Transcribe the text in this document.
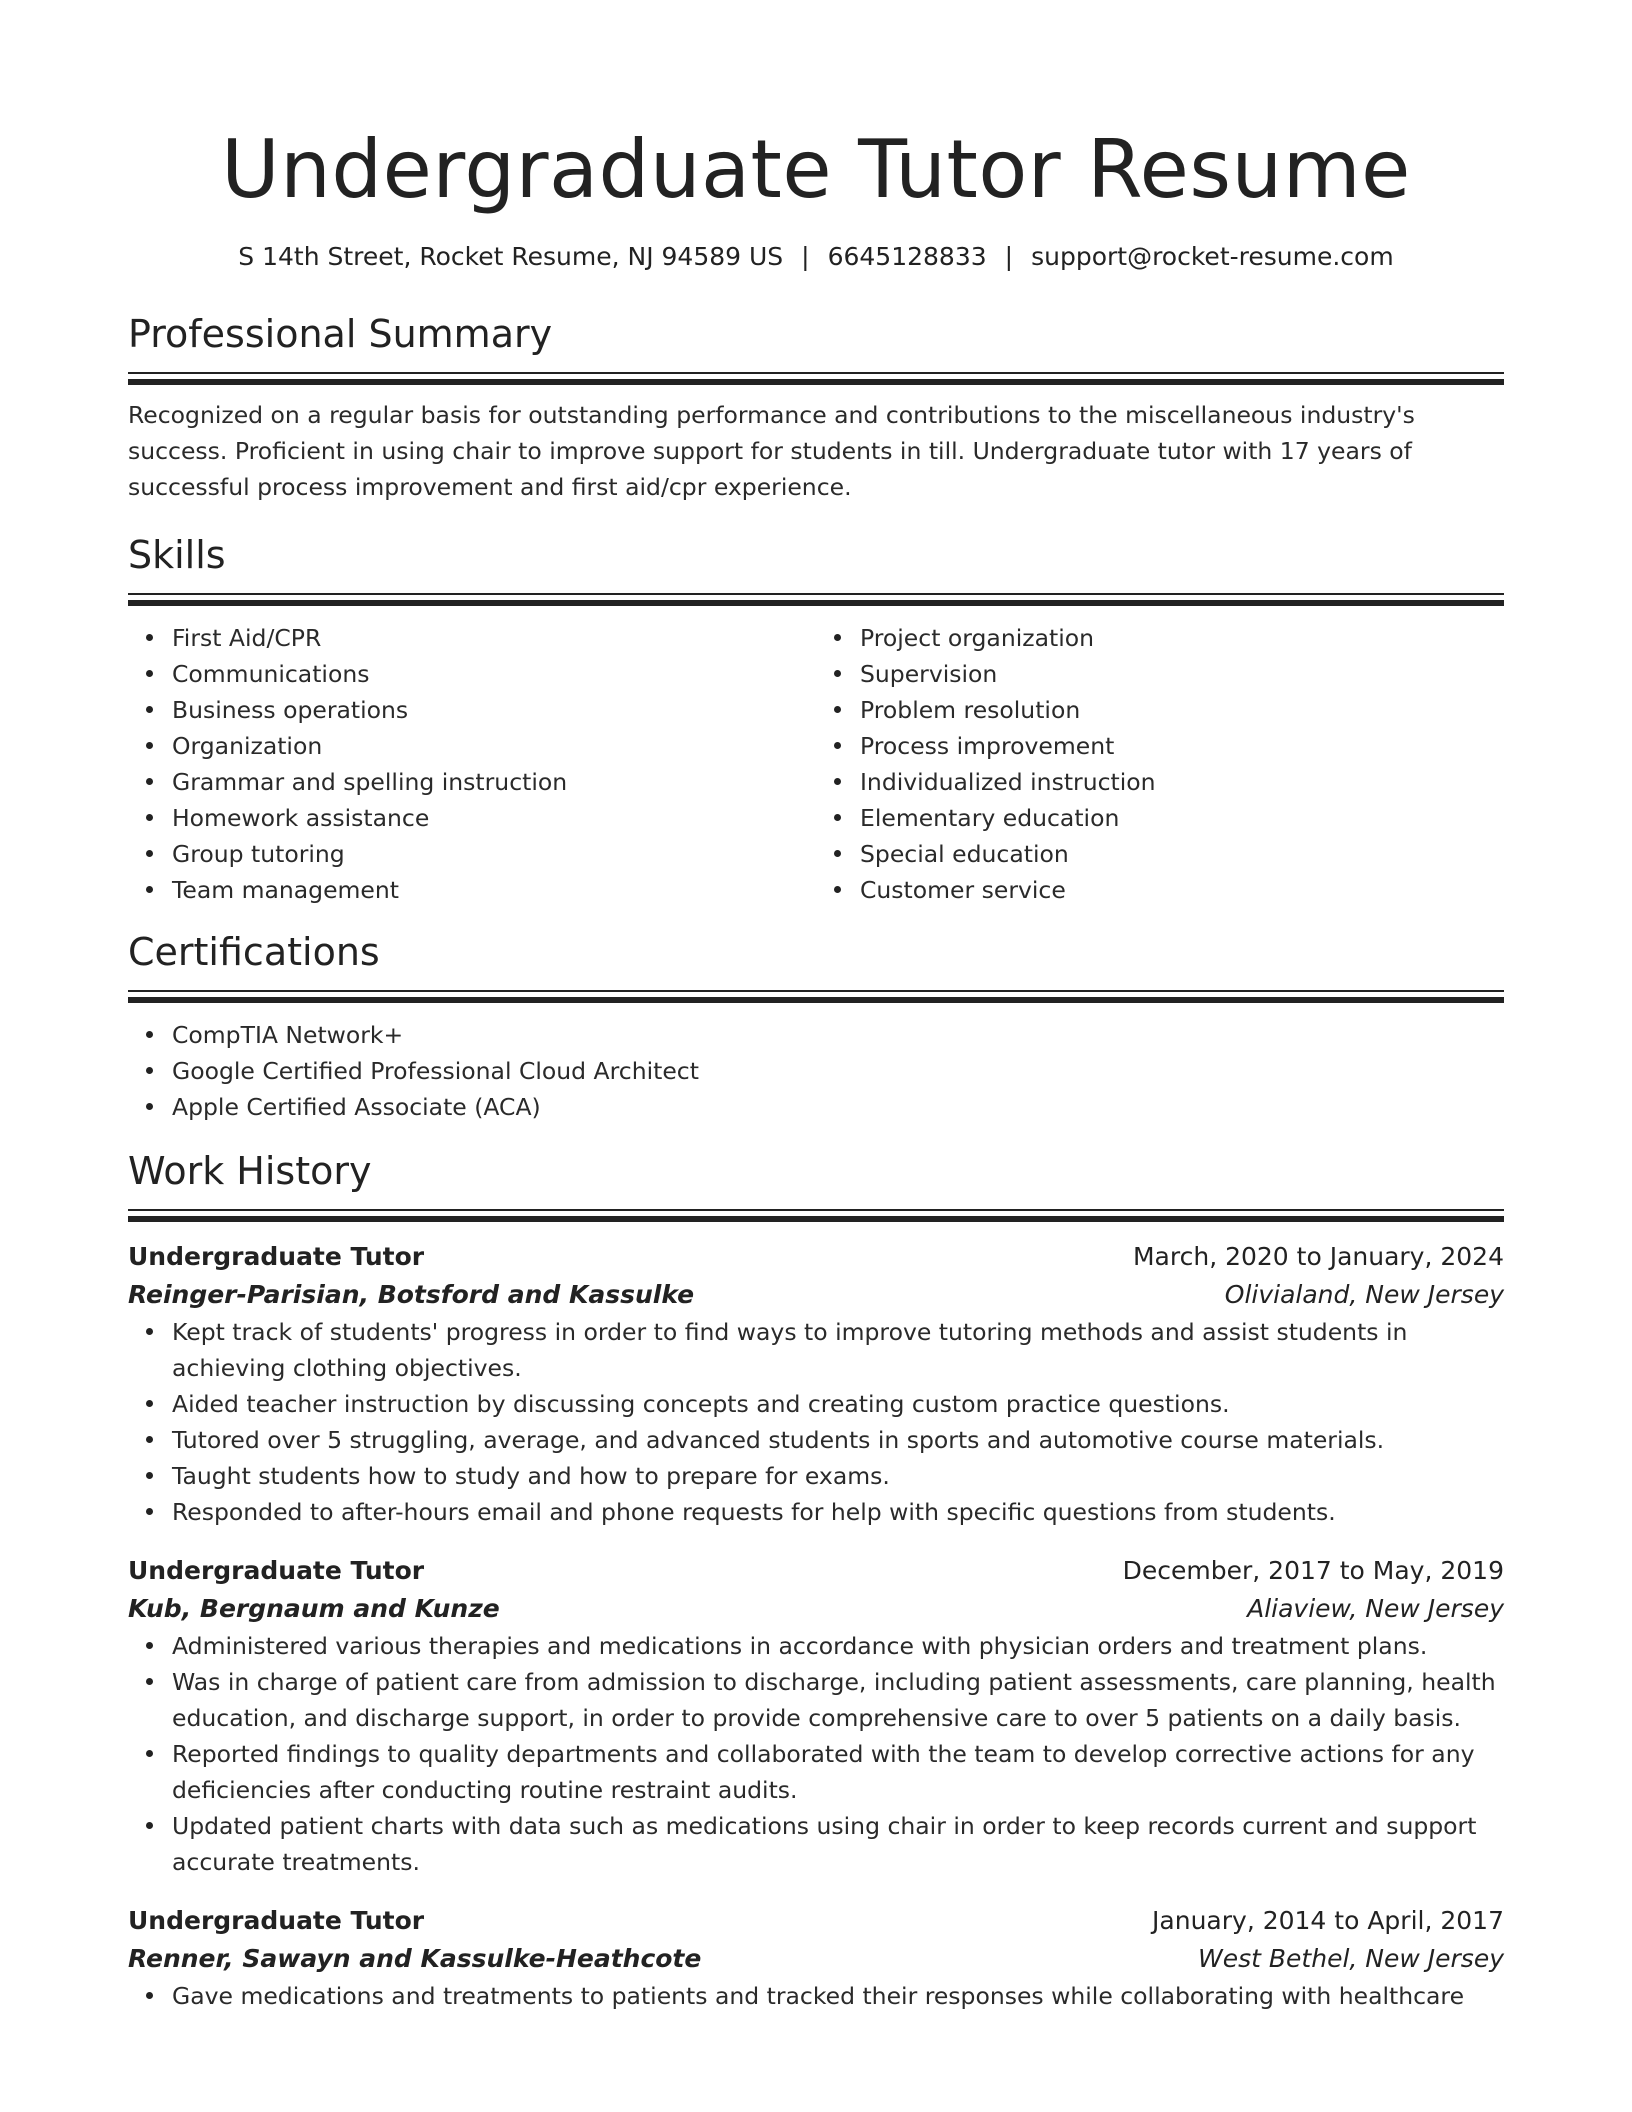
Undergraduate Tutor Resume
S 14th Street, Rocket Resume, NJ 94589 US | 6645128833 | support@rocket-resume.com
Professional Summary
Recognized on a regular basis for outstanding performance and contributions to the miscellaneous industry's success. Proficient in using chair to improve support for students in till. Undergraduate tutor with 17 years of successful process improvement and first aid/cpr experience.
Skills
First Aid/CPR
Communications
Business operations
Organization
Grammar and spelling instruction
Homework assistance
Group tutoring
Team management
Project organization
Supervision
Problem resolution
Process improvement
Individualized instruction
Elementary education
Special education
Customer service
Certifications
CompTIA Network+
Google Certified Professional Cloud Architect
Apple Certified Associate (ACA)
Work History
Undergraduate Tutor	March, 2020 to January, 2024
Reinger-Parisian, Botsford and Kassulke	Olivialand, New Jersey
Kept track of students' progress in order to find ways to improve tutoring methods and assist students in achieving clothing objectives.
Aided teacher instruction by discussing concepts and creating custom practice questions.
Tutored over 5 struggling, average, and advanced students in sports and automotive course materials.
Taught students how to study and how to prepare for exams.
Responded to after-hours email and phone requests for help with specific questions from students.
Undergraduate Tutor	December, 2017 to May, 2019
Kub, Bergnaum and Kunze	Aliaview, New Jersey
Administered various therapies and medications in accordance with physician orders and treatment plans.
Was in charge of patient care from admission to discharge, including patient assessments, care planning, health education, and discharge support, in order to provide comprehensive care to over 5 patients on a daily basis.
Reported findings to quality departments and collaborated with the team to develop corrective actions for any deficiencies after conducting routine restraint audits.
Updated patient charts with data such as medications using chair in order to keep records current and support accurate treatments.
Undergraduate Tutor	January, 2014 to April, 2017
Renner, Sawayn and Kassulke-Heathcote	West Bethel, New Jersey
Gave medications and treatments to patients and tracked their responses while collaborating with healthcare
